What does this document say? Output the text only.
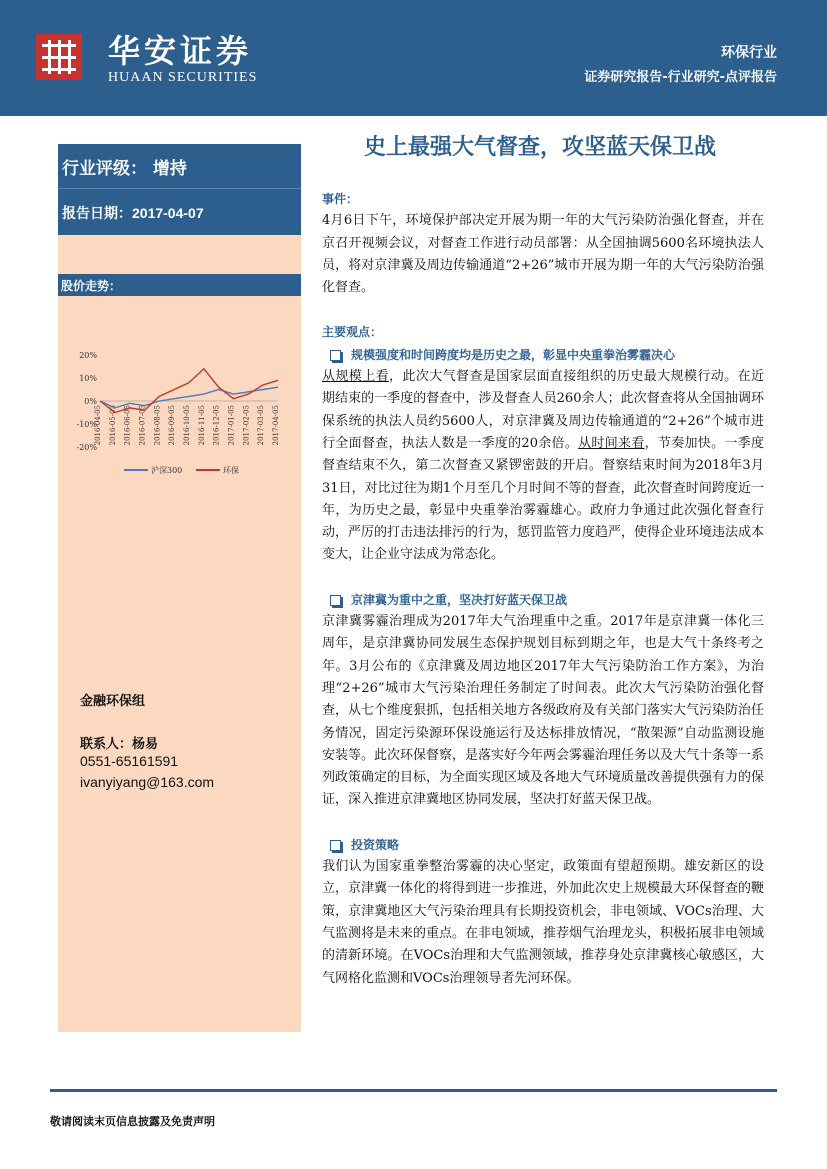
华安证券
HUAAN SECURITIES
环保行业
证券研究报告-行业研究-点评报告
史上最强大气督查，攻坚蓝天保卫战
行业评级： 增持
报告日期：2017-04-07
股价走势：
20%
10%
0%
-10%
-20%
2016-04-05 2016-05-05 2016-06-05 2016-07-05 2016-08-05 2016-09-05 2016-10-05 2016-11-05 2016-12-05 2017-01-05 2017-02-05 2017-03-05 2017-04-05
沪深300	环保
金融环保组
联系人：杨易
0551-65161591
ivanyiyang@163.com
事件：

4月6日下午，环境保护部决定开展为期一年的大气污染防治强化督查，并在京召开视频会议，对督查工作进行动员部署：从全国抽调5600名环境执法人员，将对京津冀及周边传输通道“2+26”城市开展为期一年的大气污染防治强化督查。

主要观点：

规模强度和时间跨度均是历史之最，彰显中央重拳治雾霾决心

从规模上看，此次大气督查是国家层面直接组织的历史最大规模行动。在近期结束的一季度的督查中，涉及督查人员260余人；此次督查将从全国抽调环保系统的执法人员约5600人，对京津冀及周边传输通道的“2+26”个城市进行全面督查，执法人数是一季度的20余倍。从时间来看，节奏加快。一季度督查结束不久，第二次督查又紧锣密鼓的开启。督察结束时间为2018年3月31日，对比过往为期1个月至几个月时间不等的督查，此次督查时间跨度近一年，为历史之最，彰显中央重拳治雾霾雄心。政府力争通过此次强化督查行动，严厉的打击违法排污的行为，惩罚监管力度趋严，使得企业环境违法成本变大，让企业守法成为常态化。

京津冀为重中之重，坚决打好蓝天保卫战

京津冀雾霾治理成为2017年大气治理重中之重。2017年是京津冀一体化三周年，是京津冀协同发展生态保护规划目标到期之年，也是大气十条终考之年。3月公布的《京津冀及周边地区2017年大气污染防治工作方案》，为治理“2+26”城市大气污染治理任务制定了时间表。此次大气污染防治强化督查，从七个维度狠抓，包括相关地方各级政府及有关部门落实大气污染防治任务情况，固定污染源环保设施运行及达标排放情况，“散架源”自动监测设施安装等。此次环保督察，是落实好今年两会雾霾治理任务以及大气十条等一系列政策确定的目标，为全面实现区域及各地大气环境质量改善提供强有力的保证，深入推进京津冀地区协同发展，坚决打好蓝天保卫战。

投资策略

我们认为国家重拳整治雾霾的决心坚定，政策面有望超预期。雄安新区的设立，京津冀一体化的将得到进一步推进，外加此次史上规模最大环保督查的鞭策，京津冀地区大气污染治理具有长期投资机会，非电领域、VOCs治理、大气监测将是未来的重点。在非电领域，推荐烟气治理龙头，积极拓展非电领域的清新环境。在VOCs治理和大气监测领域，推荐身处京津冀核心敏感区，大气网格化监测和VOCs治理领导者先河环保。

敬请阅读末页信息披露及免责声明
